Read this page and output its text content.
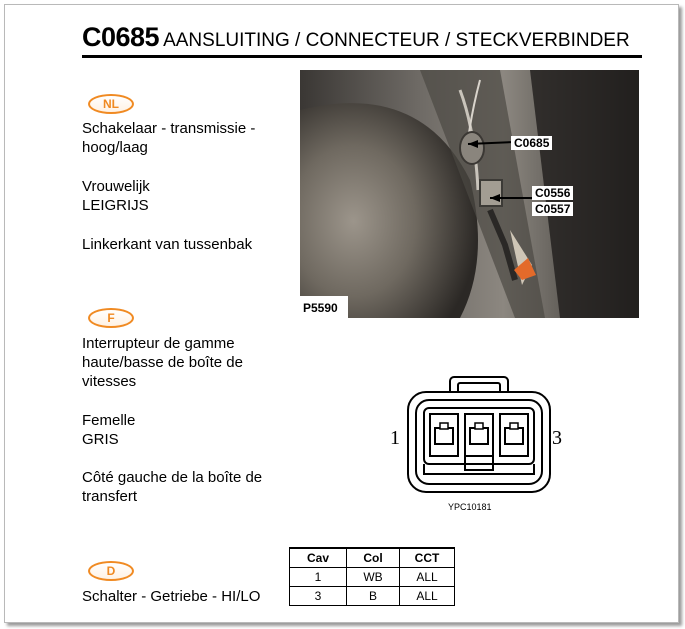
C0685 AANSLUITING / CONNECTEUR / STECKVERBINDER
NL
Schakelaar - transmissie - hoog/laag
Vrouwelijk
LEIGRIJS
Linkerkant van tussenbak
F
Interrupteur de gamme haute/basse de boîte de vitesses
Femelle
GRIS
Côté gauche de la boîte de transfert
D
Schalter - Getriebe - HI/LO
C0685
C0556
C0557
P5590
1	3
YPC10181
Cav	Col	CCT
1	WB	ALL
3	B	ALL
